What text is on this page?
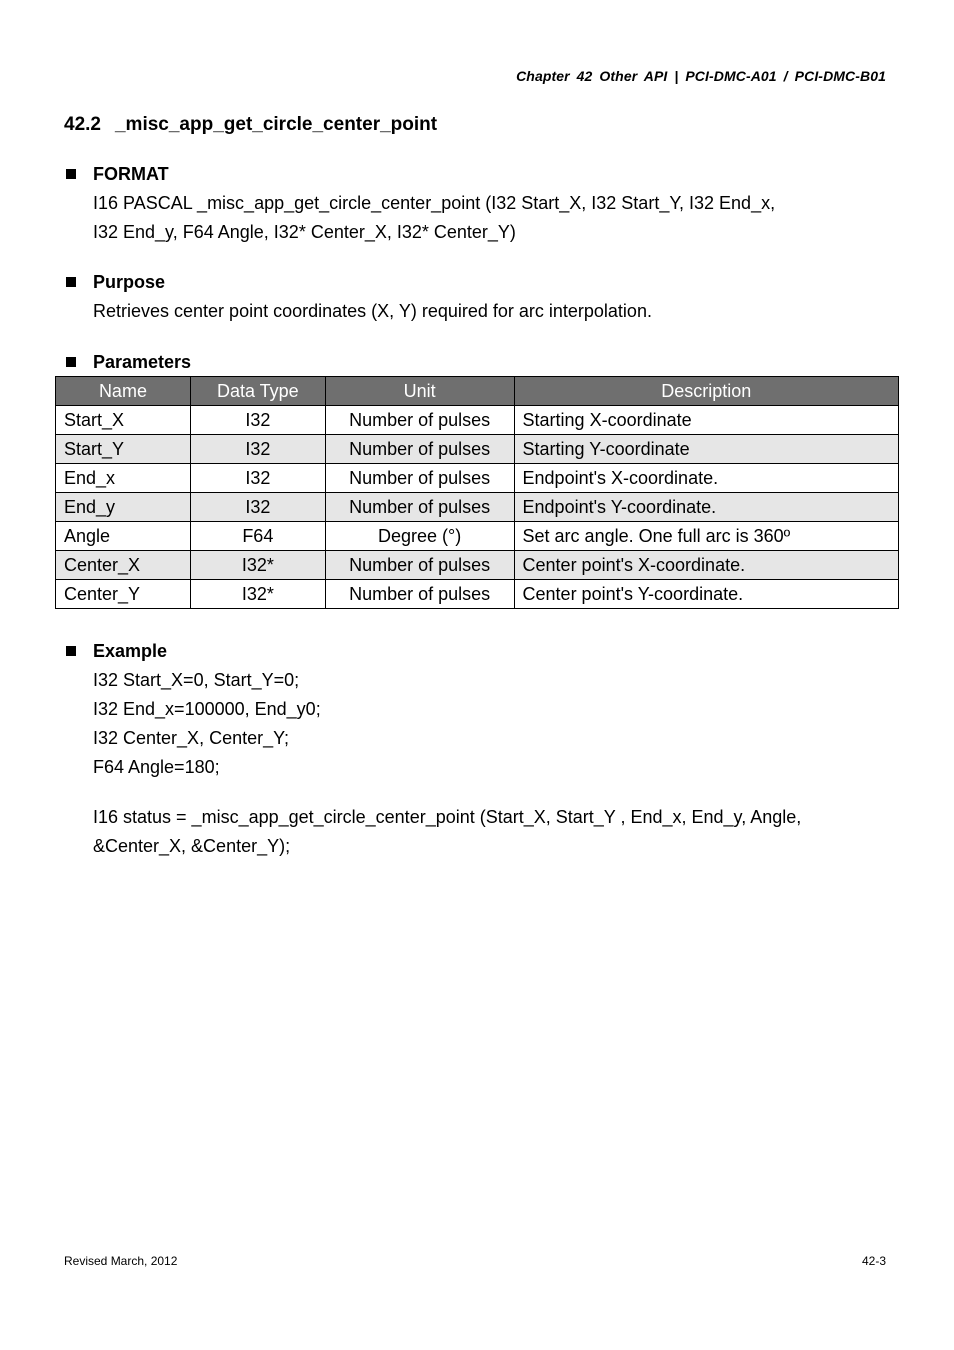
Chapter 42 Other API | PCI-DMC-A01 / PCI-DMC-B01
42.2 _misc_app_get_circle_center_point
FORMAT
I16 PASCAL _misc_app_get_circle_center_point (I32 Start_X, I32 Start_Y, I32 End_x,
I32 End_y, F64 Angle, I32* Center_X, I32* Center_Y)
Purpose
Retrieves center point coordinates (X, Y) required for arc interpolation.
Parameters
Name	Data Type	Unit	Description
Start_X	I32	Number of pulses	Starting X-coordinate
Start_Y	I32	Number of pulses	Starting Y-coordinate
End_x	I32	Number of pulses	Endpoint's X-coordinate.
End_y	I32	Number of pulses	Endpoint's Y-coordinate.
Angle	F64	Degree (°)	Set arc angle. One full arc is 360º
Center_X	I32*	Number of pulses	Center point's X-coordinate.
Center_Y	I32*	Number of pulses	Center point's Y-coordinate.
Example
I32 Start_X=0, Start_Y=0;
I32 End_x=100000, End_y0;
I32 Center_X, Center_Y;
F64 Angle=180;
I16 status = _misc_app_get_circle_center_point (Start_X, Start_Y , End_x, End_y, Angle,
&Center_X, &Center_Y);
Revised March, 2012	42-3
